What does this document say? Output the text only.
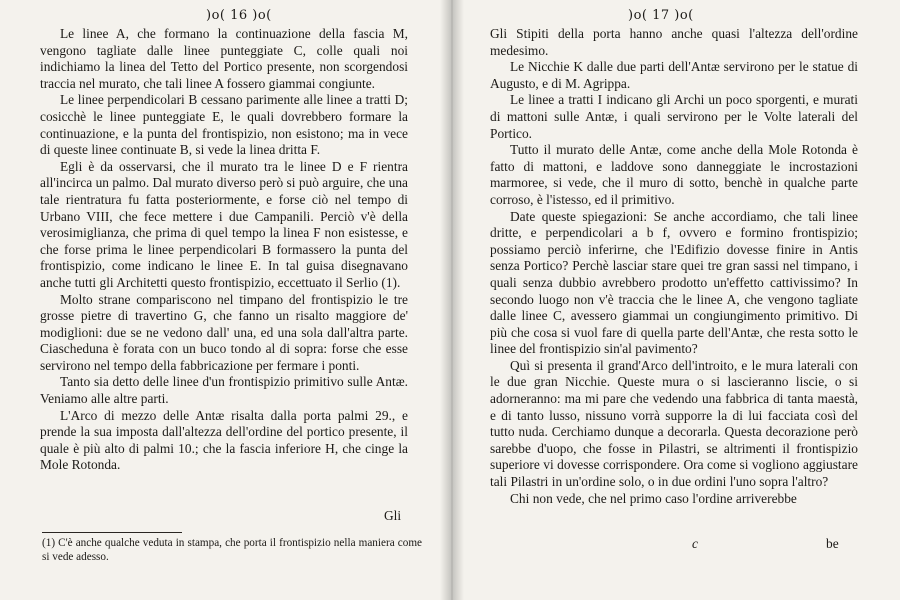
)o( 16 )o(

Le linee A, che formano la continuazione della fascia M, vengono tagliate dalle linee punteggiate C, colle quali noi indichiamo la linea del Tetto del Portico presente, non scorgendosi traccia nel murato, che tali linee A fossero giammai congiunte.

Le linee perpendicolari B cessano parimente alle linee a tratti D; cosicchè le linee punteggiate E, le quali dovrebbero formare la continuazione, e la punta del frontispizio, non esistono; ma in vece di queste linee continuate B, si vede la linea dritta F.

Egli è da osservarsi, che il murato tra le linee D e F rientra all'incirca un palmo. Dal murato diverso però si può arguire, che una tale rientratura fu fatta posteriormente, e forse ciò nel tempo di Urbano VIII, che fece mettere i due Campanili. Perciò v'è della verosimiglianza, che prima di quel tempo la linea F non esistesse, e che forse prima le linee perpendicolari B formassero la punta del frontispizio, come indicano le linee E. In tal guisa disegnavano anche tutti gli Architetti questo frontispizio, eccettuato il Serlio (1).

Molto strane compariscono nel timpano del frontispizio le tre grosse pietre di travertino G, che fanno un risalto maggiore de' modiglioni: due se ne vedono dall' una, ed una sola dall'altra parte. Ciascheduna è forata con un buco tondo al di sopra: forse che esse servirono nel tempo della fabbricazione per fermare i ponti.

Tanto sia detto delle linee d'un frontispizio primitivo sulle Antæ. Veniamo alle altre parti.

L'Arco di mezzo delle Antæ risalta dalla porta palmi 29., e prende la sua imposta dall'altezza dell'ordine del portico presente, il quale è più alto di palmi 10.; che la fascia inferiore H, che cinge la Mole Rotonda.

Gli
(1) C'è anche qualche veduta in stampa, che porta il frontispizio nella maniera come si vede adesso.
)o( 17 )o(

Gli Stipiti della porta hanno anche quasi l'altezza dell'ordine medesimo.

Le Nicchie K dalle due parti dell'Antæ servirono per le statue di Augusto, e di M. Agrippa.

Le linee a tratti I indicano gli Archi un poco sporgenti, e murati di mattoni sulle Antæ, i quali servirono per le Volte laterali del Portico.

Tutto il murato delle Antæ, come anche della Mole Rotonda è fatto di mattoni, e laddove sono danneggiate le incrostazioni marmoree, si vede, che il muro di sotto, benchè in qualche parte corroso, è l'istesso, ed il primitivo.

Date queste spiegazioni: Se anche accordiamo, che tali linee dritte, e perpendicolari a b f, ovvero e formino frontispizio; possiamo perciò inferirne, che l'Edifizio dovesse finire in Antis senza Portico? Perchè lasciar stare quei tre gran sassi nel timpano, i quali senza dubbio avrebbero prodotto un'effetto cattivissimo? In secondo luogo non v'è traccia che le linee A, che vengono tagliate dalle linee C, avessero giammai un congiungimento primitivo. Di più che cosa si vuol fare di quella parte dell'Antæ, che resta sotto le linee del frontispizio sin'al pavimento?

Quì si presenta il grand'Arco dell'introito, e le mura laterali con le due gran Nicchie. Queste mura o si lascieranno liscie, o si adorneranno: ma mi pare che vedendo una fabbrica di tanta maestà, e di tanto lusso, nissuno vorrà supporre la di lui facciata così del tutto nuda. Cerchiamo dunque a decorarla. Questa decorazione però sarebbe d'uopo, che fosse in Pilastri, se altrimenti il frontispizio superiore vi dovesse corrispondere. Ora come si vogliono aggiustare tali Pilastri in un'ordine solo, o in due ordini l'uno sopra l'altro?

Chi non vede, che nel primo caso l'ordine arriverebbe

c	be
